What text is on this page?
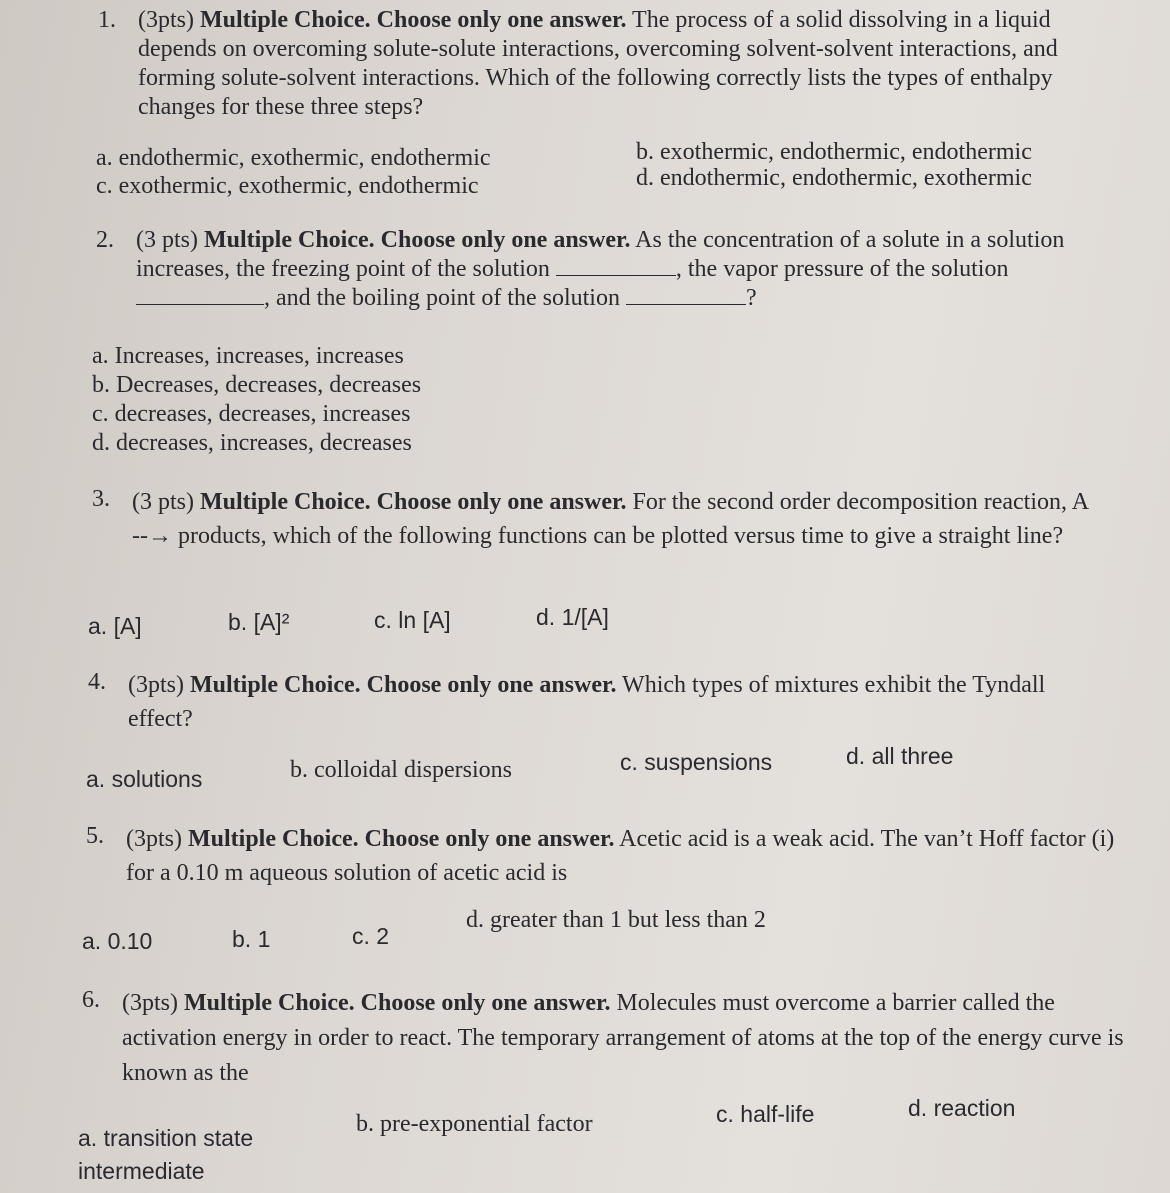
1. (3pts) Multiple Choice. Choose only one answer. The process of a solid dissolving in a liquid depends on overcoming solute-solute interactions, overcoming solvent-solvent interactions, and forming solute-solvent interactions. Which of the following correctly lists the types of enthalpy changes for these three steps?
a. endothermic, exothermic, endothermic	b. exothermic, endothermic, endothermic
c. exothermic, exothermic, endothermic	d. endothermic, endothermic, exothermic
2. (3 pts) Multiple Choice. Choose only one answer. As the concentration of a solute in a solution increases, the freezing point of the solution	, the vapor pressure of the solution , and the boiling point of the solution	?
a. Increases, increases, increases
b. Decreases, decreases, decreases
c. decreases, decreases, increases
d. decreases, increases, decreases
3. (3 pts) Multiple Choice. Choose only one answer. For the second order decomposition reaction, A --→ products, which of the following functions can be plotted versus time to give a straight line?
a. [A]	b. [A]²	c. ln [A]	d. 1/[A]
4. (3pts) Multiple Choice. Choose only one answer. Which types of mixtures exhibit the Tyndall effect?
a. solutions	b. colloidal dispersions	c. suspensions	d. all three
5. (3pts) Multiple Choice. Choose only one answer. Acetic acid is a weak acid. The van’t Hoff factor (i) for a 0.10 m aqueous solution of acetic acid is
a. 0.10	b. 1	c. 2
d. greater than 1 but less than 2
6. (3pts) Multiple Choice. Choose only one answer. Molecules must overcome a barrier called the activation energy in order to react. The temporary arrangement of atoms at the top of the energy curve is known as the
a. transition state
intermediate
b. pre-exponential factor	c. half-life	d. reaction
